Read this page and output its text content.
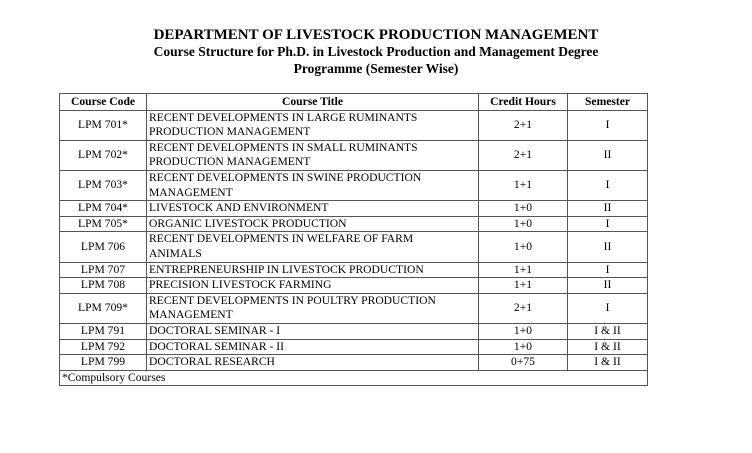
DEPARTMENT OF LIVESTOCK PRODUCTION MANAGEMENT
Course Structure for Ph.D. in Livestock Production and Management Degree
Programme (Semester Wise)
Course Code	Course Title	Credit Hours	Semester
LPM 701*	RECENT DEVELOPMENTS IN LARGE RUMINANTS
PRODUCTION MANAGEMENT	2+1	I
LPM 702*	RECENT DEVELOPMENTS IN SMALL RUMINANTS
PRODUCTION MANAGEMENT	2+1	II
LPM 703*	RECENT DEVELOPMENTS IN SWINE PRODUCTION
MANAGEMENT	1+1	I
LPM 704*	LIVESTOCK AND ENVIRONMENT	1+0	II
LPM 705*	ORGANIC LIVESTOCK PRODUCTION	1+0	I
LPM 706	RECENT DEVELOPMENTS IN WELFARE OF FARM
ANIMALS	1+0	II
LPM 707	ENTREPRENEURSHIP IN LIVESTOCK PRODUCTION	1+1	I
LPM 708	PRECISION LIVESTOCK FARMING	1+1	II
LPM 709*	RECENT DEVELOPMENTS IN POULTRY PRODUCTION
MANAGEMENT	2+1	I
LPM 791	DOCTORAL SEMINAR - I	1+0	I & II
LPM 792	DOCTORAL SEMINAR - II	1+0	I & II
LPM 799	DOCTORAL RESEARCH	0+75	I & II
*Compulsory Courses			
